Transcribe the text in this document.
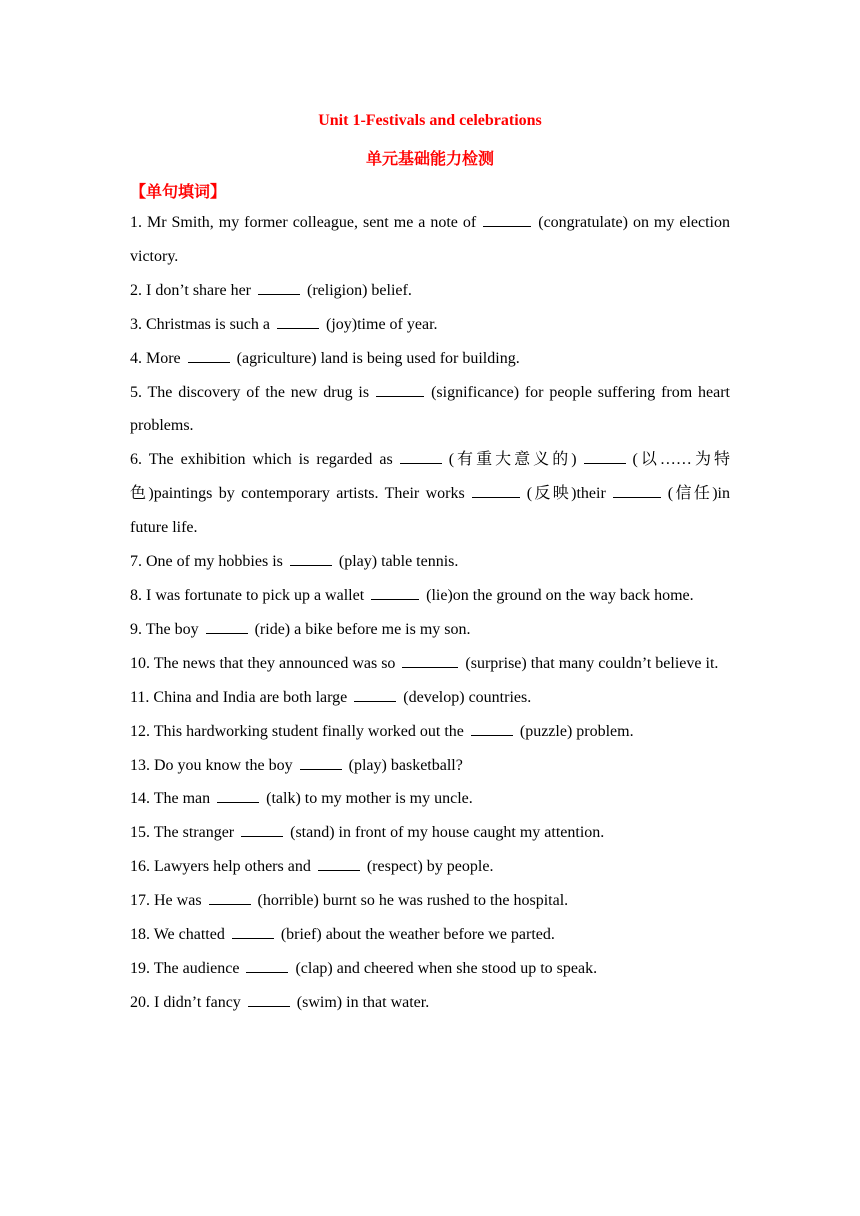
Unit 1-Festivals and celebrations
单元基础能力检测
【单句填词】

1. Mr Smith, my former colleague, sent me a note of	(congratulate) on my election victory.

2. I don’t share her	(religion) belief.

3. Christmas is such a	(joy)time of year.

4. More	(agriculture) land is being used for building.

5. The discovery of the new drug is	(significance) for people suffering from heart problems.

6. The exhibition which is regarded as	(有重大意义的)	(以……为特色)paintings by contemporary artists. Their works	(反映)their	(信任)in future life.

7. One of my hobbies is	(play) table tennis.

8. I was fortunate to pick up a wallet	(lie)on the ground on the way back home.

9. The boy	(ride) a bike before me is my son.

10. The news that they announced was so	(surprise) that many couldn’t believe it.

11. China and India are both large	(develop) countries.

12. This hardworking student finally worked out the	(puzzle) problem.

13. Do you know the boy	(play) basketball?

14. The man	(talk) to my mother is my uncle.

15. The stranger	(stand) in front of my house caught my attention.

16. Lawyers help others and	(respect) by people.

17. He was	(horrible) burnt so he was rushed to the hospital.

18. We chatted	(brief) about the weather before we parted.

19. The audience	(clap) and cheered when she stood up to speak.

20. I didn’t fancy	(swim) in that water.
